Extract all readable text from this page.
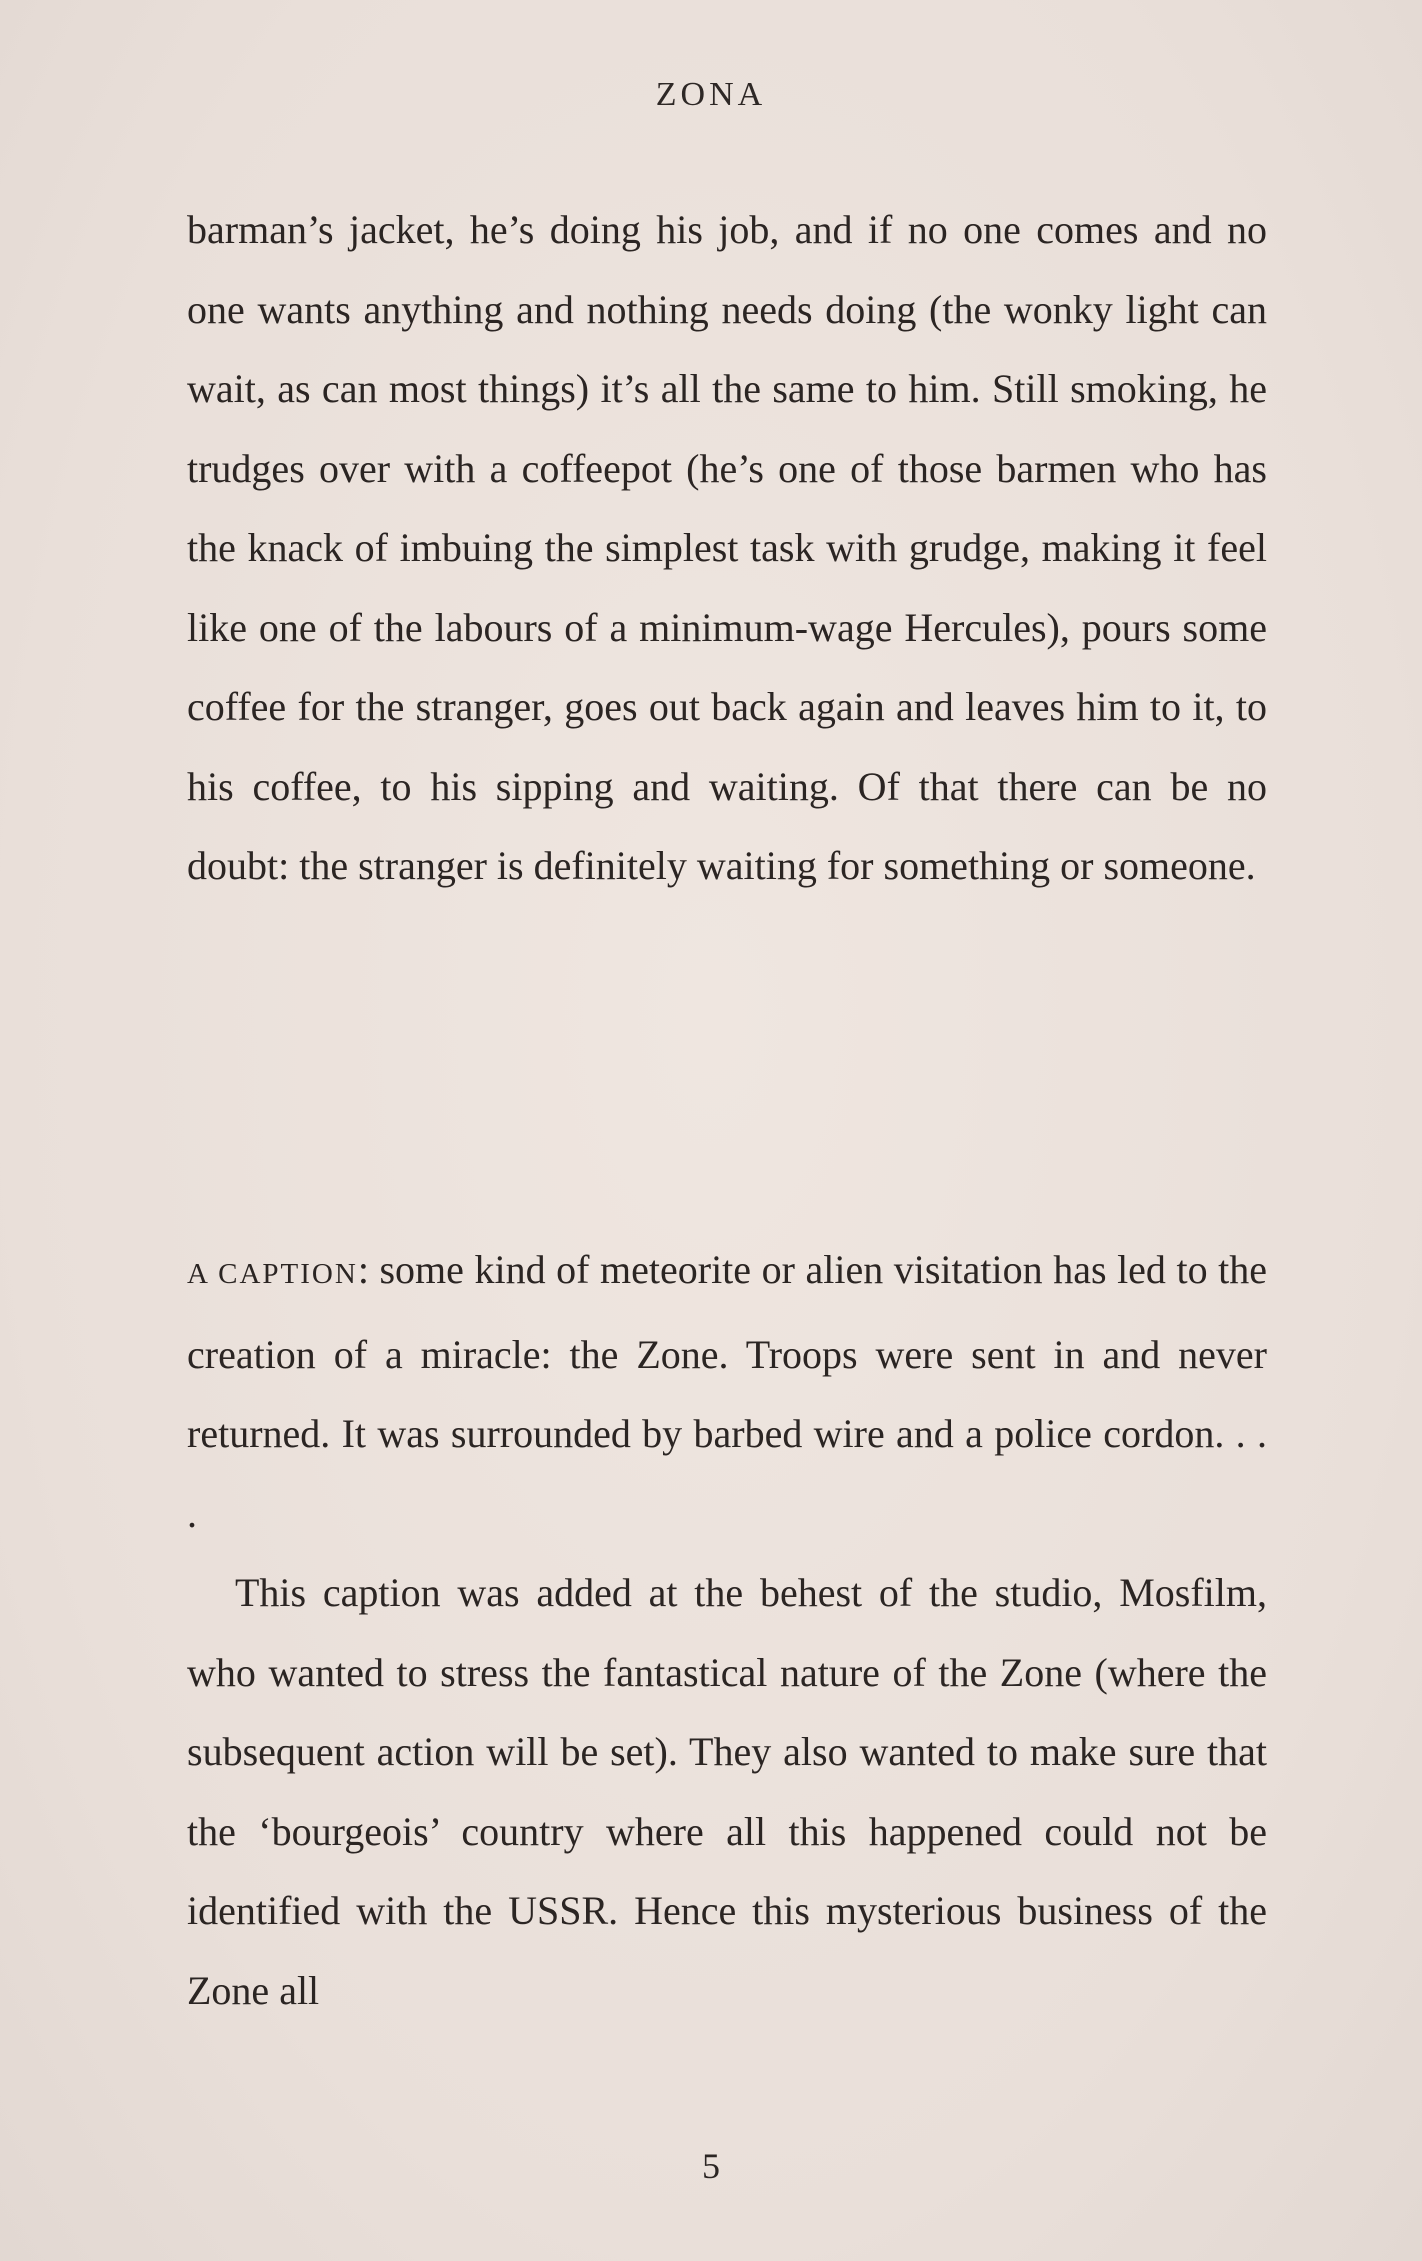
ZONA

barman’s jacket, he’s doing his job, and if no one comes and no one wants anything and nothing needs doing (the wonky light can wait, as can most things) it’s all the same to him. Still smoking, he trudges over with a coffeepot (he’s one of those barmen who has the knack of imbuing the simplest task with grudge, making it feel like one of the labours of a minimum-wage Hercules), pours some coffee for the stranger, goes out back again and leaves him to it, to his coffee, to his sipping and waiting. Of that there can be no doubt: the stranger is definitely waiting for something or someone.

A CAPTION: some kind of meteorite or alien visitation has led to the creation of a miracle: the Zone. Troops were sent in and never returned. It was surrounded by barbed wire and a police cordon. . . .

This caption was added at the behest of the studio, Mosfilm, who wanted to stress the fantastical nature of the Zone (where the subsequent action will be set). They also wanted to make sure that the ‘bourgeois’ country where all this happened could not be identified with the USSR. Hence this mysterious business of the Zone all

5
